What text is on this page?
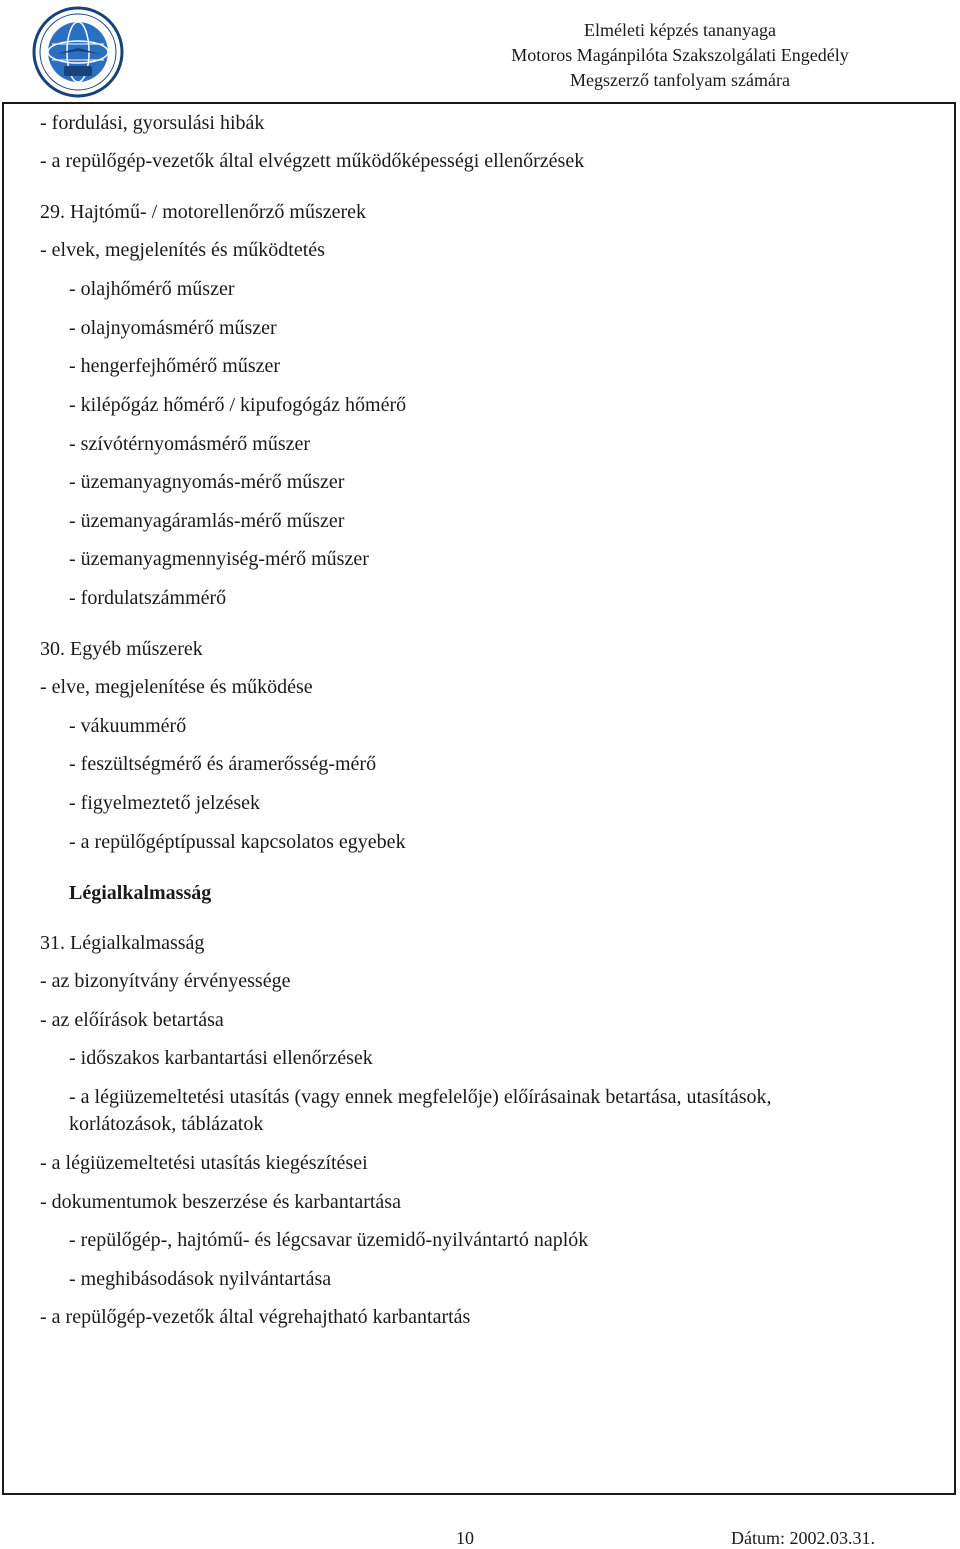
Elméleti képzés tananyaga
Motoros Magánpilóta Szakszolgálati Engedély
Megszerző tanfolyam számára
- fordulási, gyorsulási hibák
- a repülőgép-vezetők által elvégzett működőképességi ellenőrzések
29. Hajtómű- / motorellenőrző műszerek
- elvek, megjelenítés és működtetés
- olajhőmérő műszer
- olajnyomásmérő műszer
- hengerfejhőmérő műszer
- kilépőgáz hőmérő / kipufogógáz hőmérő
- szívótérnyomásmérő műszer
- üzemanyagnyomás-mérő műszer
- üzemanyagáramlás-mérő műszer
- üzemanyagmennyiség-mérő műszer
- fordulatszámmérő
30. Egyéb műszerek
- elve, megjelenítése és működése
- vákuummérő
- feszültségmérő és áramerősség-mérő
- figyelmeztető jelzések
- a repülőgéptípussal kapcsolatos egyebek
Légialkalmasság
31. Légialkalmasság
- az bizonyítvány érvényessége
- az előírások betartása
- időszakos karbantartási ellenőrzések
- a légiüzemeltetési utasítás (vagy ennek megfelelője) előírásainak betartása, utasítások,
korlátozások, táblázatok
- a légiüzemeltetési utasítás kiegészítései
- dokumentumok beszerzése és karbantartása
- repülőgép-, hajtómű- és légcsavar üzemidő-nyilvántartó naplók
- meghibásodások nyilvántartása
- a repülőgép-vezetők által végrehajtható karbantartás
10	Dátum: 2002.03.31.
